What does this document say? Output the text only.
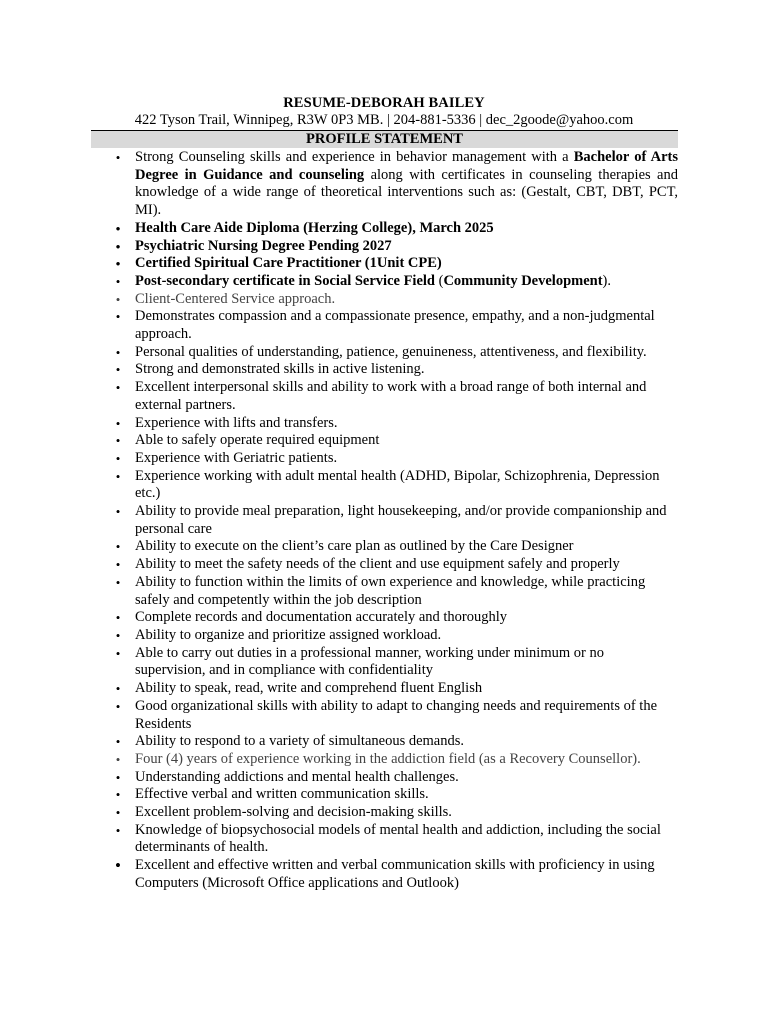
RESUME-DEBORAH BAILEY
422 Tyson Trail, Winnipeg, R3W 0P3 MB. | 204-881-5336 | dec_2goode@yahoo.com
PROFILE STATEMENT
• Strong Counseling skills and experience in behavior management with a Bachelor of Arts Degree in Guidance and counseling along with certificates in counseling therapies and knowledge of a wide range of theoretical interventions such as: (Gestalt, CBT, DBT, PCT, MI).
• Health Care Aide Diploma (Herzing College), March 2025
• Psychiatric Nursing Degree Pending 2027
• Certified Spiritual Care Practitioner (1Unit CPE)
• Post-secondary certificate in Social Service Field (Community Development).
• Client-Centered Service approach.
• Demonstrates compassion and a compassionate presence, empathy, and a non-judgmental approach.
• Personal qualities of understanding, patience, genuineness, attentiveness, and flexibility.
• Strong and demonstrated skills in active listening.
• Excellent interpersonal skills and ability to work with a broad range of both internal and external partners.
• Experience with lifts and transfers.
• Able to safely operate required equipment
• Experience with Geriatric patients.
• Experience working with adult mental health (ADHD, Bipolar, Schizophrenia, Depression etc.)
• Ability to provide meal preparation, light housekeeping, and/or provide companionship and personal care
• Ability to execute on the client’s care plan as outlined by the Care Designer
• Ability to meet the safety needs of the client and use equipment safely and properly
• Ability to function within the limits of own experience and knowledge, while practicing safely and competently within the job description
• Complete records and documentation accurately and thoroughly
• Ability to organize and prioritize assigned workload.
• Able to carry out duties in a professional manner, working under minimum or no supervision, and in compliance with confidentiality
• Ability to speak, read, write and comprehend fluent English
• Good organizational skills with ability to adapt to changing needs and requirements of the Residents
• Ability to respond to a variety of simultaneous demands.
• Four (4) years of experience working in the addiction field (as a Recovery Counsellor).
• Understanding addictions and mental health challenges.
• Effective verbal and written communication skills.
• Excellent problem-solving and decision-making skills.
• Knowledge of biopsychosocial models of mental health and addiction, including the social determinants of health.
• Excellent and effective written and verbal communication skills with proficiency in using Computers (Microsoft Office applications and Outlook)
